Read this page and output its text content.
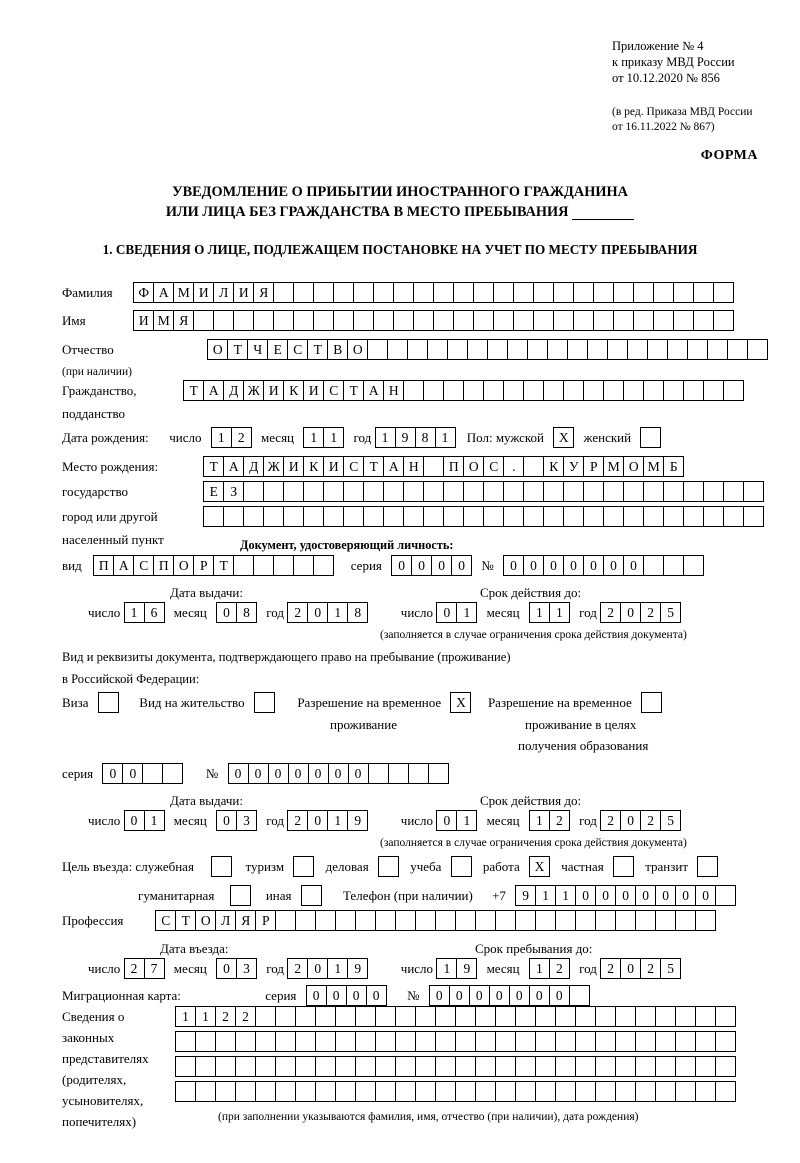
Приложение № 4
к приказу МВД России
от 10.12.2020 № 856
(в ред. Приказа МВД России
от 16.11.2022 № 867)
ФОРМА
УВЕДОМЛЕНИЕ О ПРИБЫТИИ ИНОСТРАННОГО ГРАЖДАНИНА
ИЛИ ЛИЦА БЕЗ ГРАЖДАНСТВА В МЕСТО ПРЕБЫВАНИЯ
1. СВЕДЕНИЯ О ЛИЦЕ, ПОДЛЕЖАЩЕМ ПОСТАНОВКЕ НА УЧЕТ ПО МЕСТУ ПРЕБЫВАНИЯ
Фамилия Ф А М И Л И Я
Имя	И М Я
Отчество	О Т Ч Е С Т В О
(при наличии)
Гражданство,	Т А Д Ж И К И С Т А Н
подданство
Дата рождения: число 1 2 месяц 1 1 год 1 9 8 1 Пол: мужской Х женский
Место рождения:	Т А Д Ж И К И С Т А Н П О С .	К У Р М О М Б
государство	Е З
город или другой
населенный пункт	Документ, удостоверяющий личность:
вид П А С П О Р Т	серия 0 0 0 0 № 0 0 0 0 0 0 0
Дата выдачи:	Срок действия до:
число 1 6 месяц 0 8 год 2 0 1 8	число 0 1 месяц 1 1 год 2 0 2 5
(заполняется в случае ограничения срока действия документа)
Вид и реквизиты документа, подтверждающего право на пребывание (проживание)
в Российской Федерации:
Виза	Вид на жительство	Разрешение на временное Х Разрешение на временное
проживание	проживание в целях
получения образования
серия 0 0	№ 0 0 0 0 0 0 0
Дата выдачи:	Срок действия до:
число 0 1 месяц 0 3 год 2 0 1 9	число 0 1 месяц 1 2 год 2 0 2 5
(заполняется в случае ограничения срока действия документа)
Цель въезда: служебная	туризм	деловая	учеба	работа Х частная	транзит
гуманитарная	иная	Телефон (при наличии) +7 9 1 1 0 0 0 0 0 0 0
Профессия	С Т О Л Я Р
Дата въезда:	Срок пребывания до:
число 2 7 месяц 0 3 год 2 0 1 9	число 1 9 месяц 1 2 год 2 0 2 5
Миграционная карта:	серия 0 0 0 0 № 0 0 0 0 0 0 0
Сведения о
законных
представителях
(родителях,
усыновителях,
попечителях)
1 1 2 2
(при заполнении указываются фамилия, имя, отчество (при наличии), дата рождения)
